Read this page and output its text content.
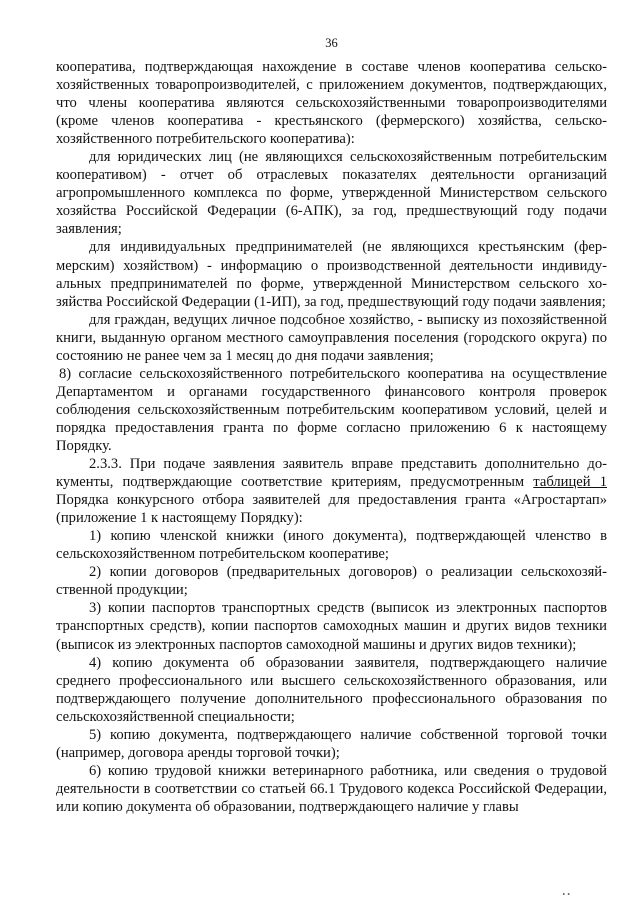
36

кооператива, подтверждающая нахождение в составе членов кооператива сельскохозяйственных товаропроизводителей, с приложением документов, подтверждающих, что члены кооператива являются сельскохозяйственными товаропроизводителями (кроме членов кооператива - крестьянского (фермерского) хозяйства, сельскохозяйственного потребительского кооператива):

для юридических лиц (не являющихся сельскохозяйственным потребительским кооперативом) - отчет об отраслевых показателях деятельности организаций агропромышленного комплекса по форме, утвержденной Министерством сельского хозяйства Российской Федерации (6-АПК), за год, предшествующий году подачи заявления;

для индивидуальных предпринимателей (не являющихся крестьянским (фермерским) хозяйством) - информацию о производственной деятельности индивидуальных предпринимателей по форме, утвержденной Министерством сельского хозяйства Российской Федерации (1-ИП), за год, предшествующий году подачи заявления;

для граждан, ведущих личное подсобное хозяйство, - выписку из похозяйственной книги, выданную органом местного самоуправления поселения (городского округа) по состоянию не ранее чем за 1 месяц до дня подачи заявления;

8) согласие сельскохозяйственного потребительского кооператива на осуществление Департаментом и органами государственного финансового контроля проверок соблюдения сельскохозяйственным потребительским кооперативом условий, целей и порядка предоставления гранта по форме согласно приложению 6 к настоящему Порядку.

2.3.3. При подаче заявления заявитель вправе представить дополнительно документы, подтверждающие соответствие критериям, предусмотренным таблицей 1 Порядка конкурсного отбора заявителей для предоставления гранта «Агростартап» (приложение 1 к настоящему Порядку):

1) копию членской книжки (иного документа), подтверждающей членство в сельскохозяйственном потребительском кооперативе;

2) копии договоров (предварительных договоров) о реализации сельскохозяйственной продукции;

3) копии паспортов транспортных средств (выписок из электронных паспортов транспортных средств), копии паспортов самоходных машин и других видов техники (выписок из электронных паспортов самоходной машины и других видов техники);

4) копию документа об образовании заявителя, подтверждающего наличие среднего профессионального или высшего сельскохозяйственного образования, или подтверждающего получение дополнительного профессионального образования по сельскохозяйственной специальности;

5) копию документа, подтверждающего наличие собственной торговой точки (например, договора аренды торговой точки);

6) копию трудовой книжки ветеринарного работника, или сведения о трудовой деятельности в соответствии со статьей 66.1 Трудового кодекса Российской Федерации, или копию документа об образовании, подтверждающего наличие у главы

• •
